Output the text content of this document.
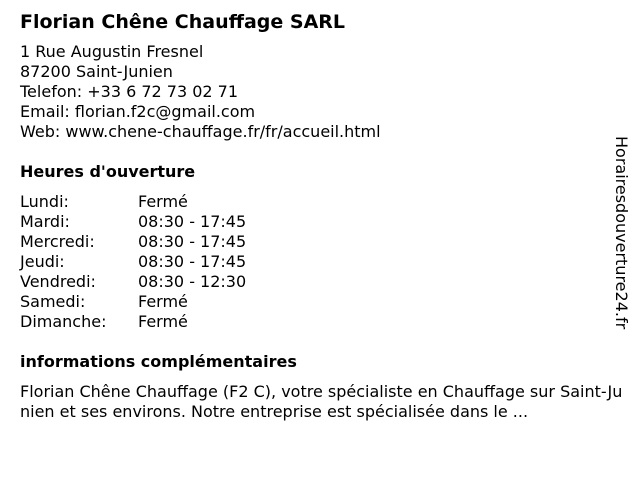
Florian Chêne Chauffage SARL
1 Rue Augustin Fresnel
87200 Saint-Junien
Telefon: +33 6 72 73 02 71
Email: florian.f2c@gmail.com
Web: www.chene-chauffage.fr/fr/accueil.html
Heures d'ouverture
Lundi:	Fermé
Mardi:	08:30 - 17:45
Mercredi:	08:30 - 17:45
Jeudi:	08:30 - 17:45
Vendredi:	08:30 - 12:30
Samedi:	Fermé
Dimanche:	Fermé
informations complémentaires
Florian Chêne Chauffage (F2 C), votre spécialiste en Chauffage sur Saint-Junien et ses environs. Notre entreprise est spécialisée dans le ...
Horairesdouverture24.fr
